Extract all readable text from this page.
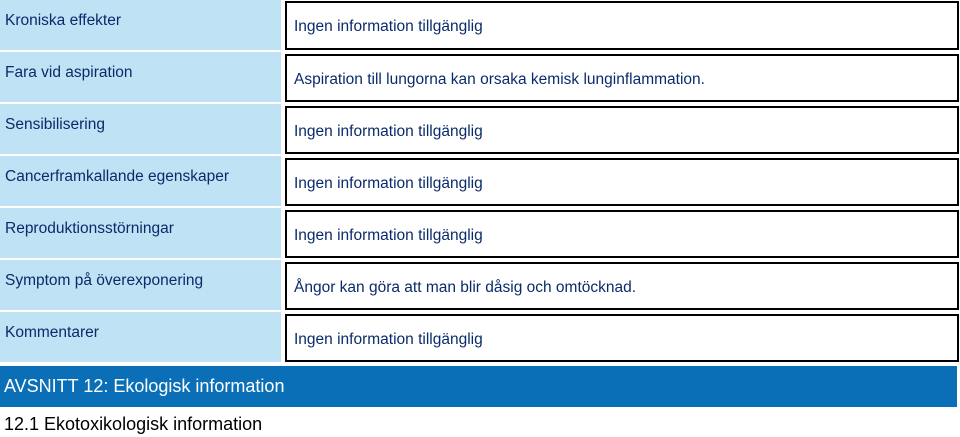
Kroniska effekter	Ingen information tillgänglig
Fara vid aspiration	Aspiration till lungorna kan orsaka kemisk lunginflammation.
Sensibilisering	Ingen information tillgänglig
Cancerframkallande egenskaper	Ingen information tillgänglig
Reproduktionsstörningar	Ingen information tillgänglig
Symptom på överexponering	Ångor kan göra att man blir dåsig och omtöcknad.
Kommentarer	Ingen information tillgänglig
AVSNITT 12: Ekologisk information
12.1 Ekotoxikologisk information
